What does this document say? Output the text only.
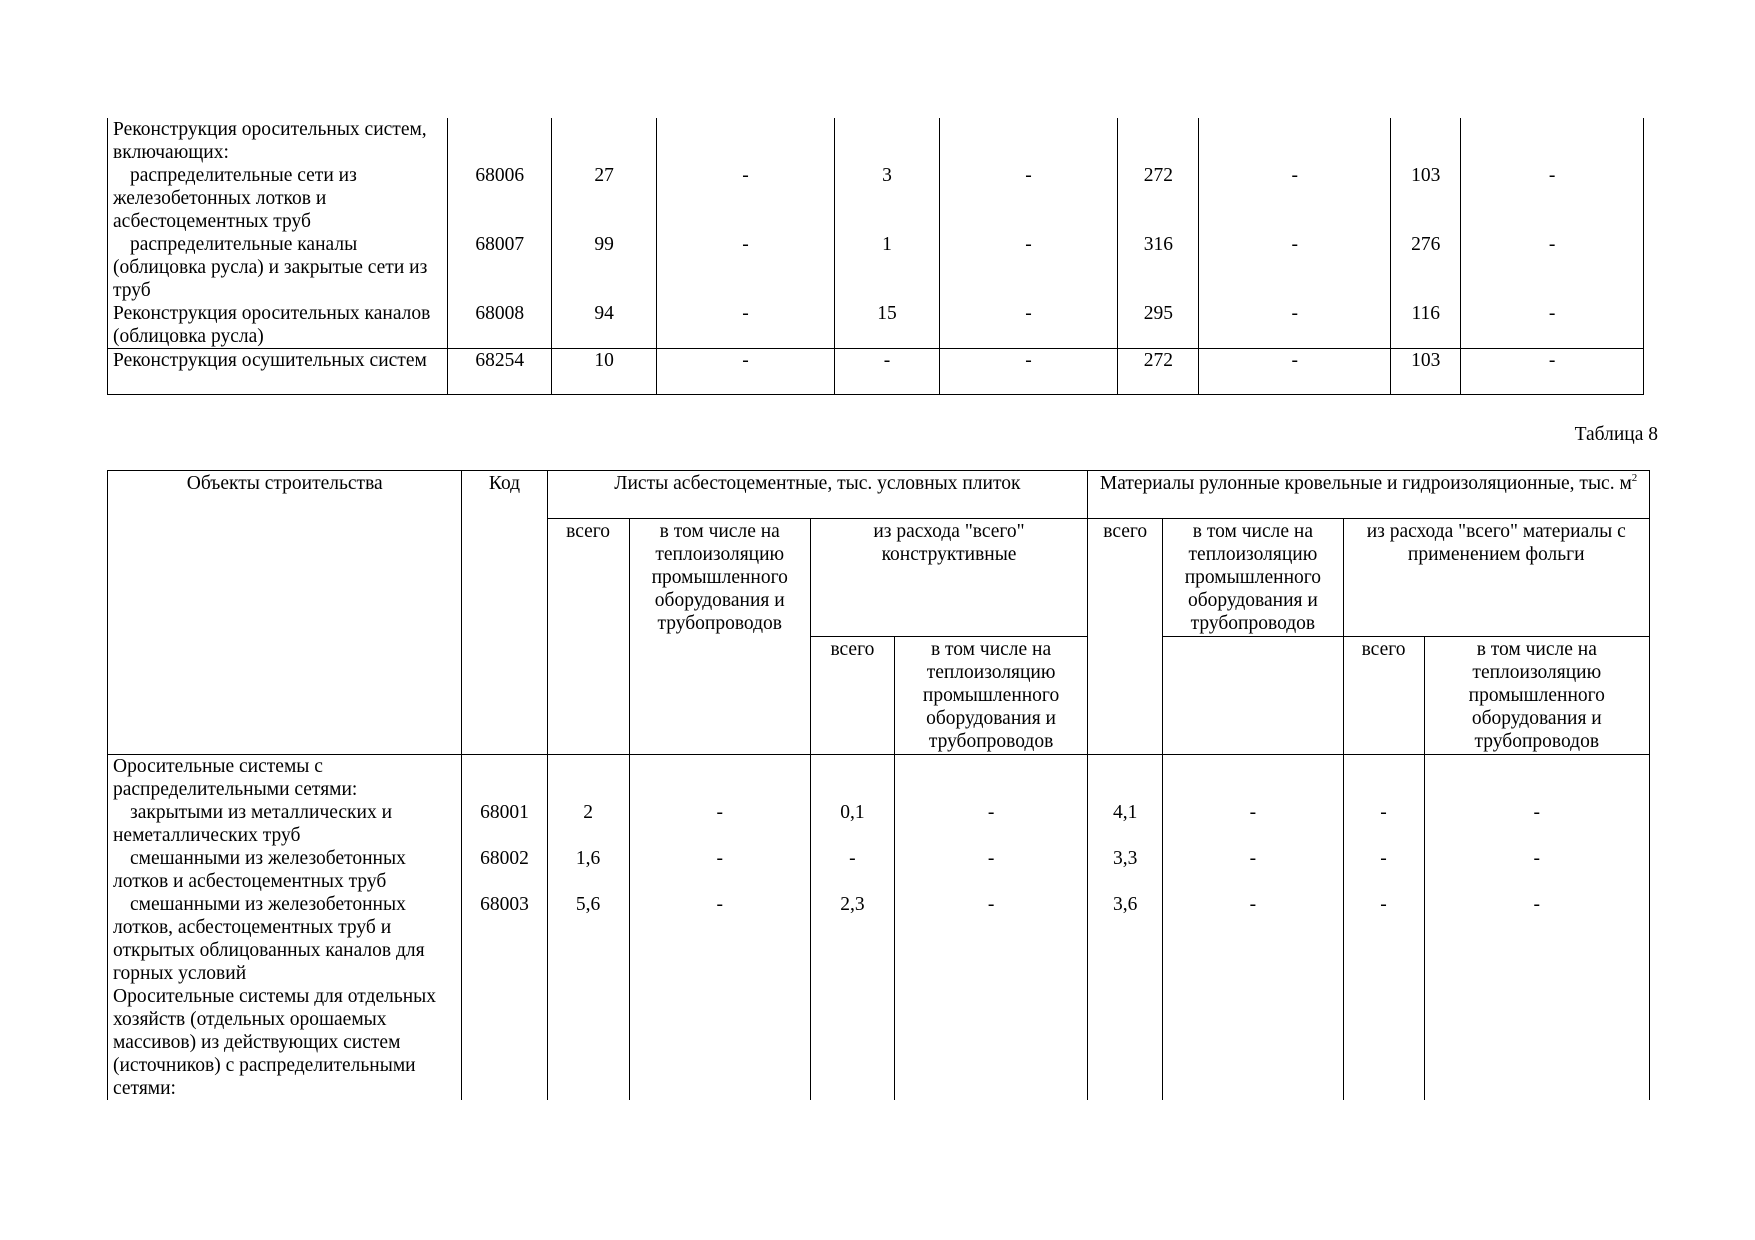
Реконструкция оросительных систем, включающих:									
распределительные сети из железобетонных лотков и асбестоцементных труб	68006	27	-	3	-	272	-	103	-
распределительные каналы (облицовка русла) и закрытые сети из труб	68007	99	-	1	-	316	-	276	-
Реконструкция оросительных каналов (облицовка русла)	68008	94	-	15	-	295	-	116	-
Реконструкция осушительных систем	68254	10	-	-	-	272	-	103	-
Таблица 8
Объекты строительства	Код	Листы асбестоцементные, тыс. условных плиток				Материалы рулонные кровельные и гидроизоляционные, тыс. $м^2$
		всего	в том числе на теплоизоляцию промышленного оборудования и трубопроводов	из расхода "всего" конструктивные		всего	в том числе на теплоизоляцию промышленного оборудования и трубопроводов	из расхода "всего" материалы с применением фольги	
				всего	в том числе на теплоизоляцию промышленного оборудования и трубопроводов			всего	в том числе на теплоизоляцию промышленного оборудования и трубопроводов
Оросительные системы с распределительными сетями:									
закрытыми из металлических и неметаллических труб	68001	2	-	0,1	-	4,1	-	-	-
смешанными из железобетонных лотков и асбестоцементных труб	68002	1,6	-	-	-	3,3	-	-	-
смешанными из железобетонных лотков, асбестоцементных труб и открытых облицованных каналов для горных условий	68003	5,6	-	2,3	-	3,6	-	-	-
Оросительные системы для отдельных хозяйств (отдельных орошаемых массивов) из действующих систем (источников) с распределительными сетями:									
